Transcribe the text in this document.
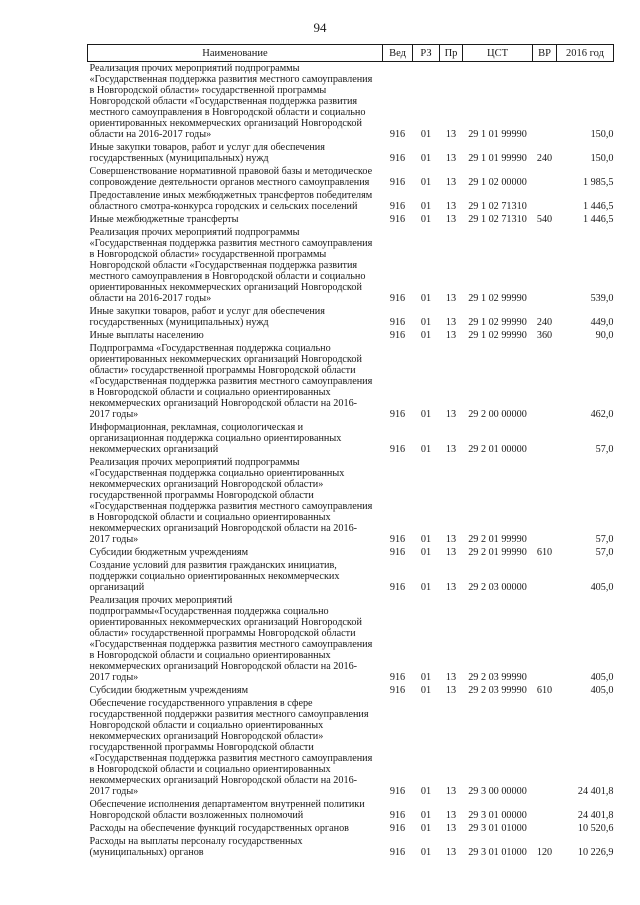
94
Наименование	Вед	РЗ	Пр	ЦСТ	ВР	2016 год
Реализация прочих мероприятий подпрограммы «Государственная поддержка развития местного самоуправления в Новгородской области» государственной программы Новгородской области «Государственная поддержка развития местного самоуправления в Новгородской области и социально ориентированных некоммерческих организаций Новгородской области на 2016-2017 годы»	916	01	13	29 1 01 99990		150,0
Иные закупки товаров, работ и услуг для обеспечения государственных (муниципальных) нужд	916	01	13	29 1 01 99990	240	150,0
Совершенствование нормативной правовой базы и методическое сопровождение деятельности органов местного самоуправления	916	01	13	29 1 02 00000		1 985,5
Предоставление иных межбюджетных трансфертов победителям областного смотра-конкурса городских и сельских поселений	916	01	13	29 1 02 71310		1 446,5
Иные межбюджетные трансферты	916	01	13	29 1 02 71310	540	1 446,5
Реализация прочих мероприятий подпрограммы «Государственная поддержка развития местного самоуправления в Новгородской области» государственной программы Новгородской области «Государственная поддержка развития местного самоуправления в Новгородской области и социально ориентированных некоммерческих организаций Новгородской области на 2016-2017 годы»	916	01	13	29 1 02 99990		539,0
Иные закупки товаров, работ и услуг для обеспечения государственных (муниципальных) нужд	916	01	13	29 1 02 99990	240	449,0
Иные выплаты населению	916	01	13	29 1 02 99990	360	90,0
Подпрограмма «Государственная поддержка социально ориентированных некоммерческих организаций Новгородской области» государственной программы Новгородской области «Государственная поддержка развития местного самоуправления в Новгородской области и социально ориентированных некоммерческих организаций Новгородской области на 2016-2017 годы»	916	01	13	29 2 00 00000		462,0
Информационная, рекламная, социологическая и организационная поддержка социально ориентированных некоммерческих организаций	916	01	13	29 2 01 00000		57,0
Реализация прочих мероприятий подпрограммы «Государственная поддержка социально ориентированных некоммерческих организаций Новгородской области» государственной программы Новгородской области «Государственная поддержка развития местного самоуправления в Новгородской области и социально ориентированных некоммерческих организаций Новгородской области на 2016-2017 годы»	916	01	13	29 2 01 99990		57,0
Субсидии бюджетным учреждениям	916	01	13	29 2 01 99990	610	57,0
Создание условий для развития гражданских инициатив, поддержки социально ориентированных некоммерческих организаций	916	01	13	29 2 03 00000		405,0
Реализация прочих мероприятий подпрограммы«Государственная поддержка социально ориентированных некоммерческих организаций Новгородской области» государственной программы Новгородской области «Государственная поддержка развития местного самоуправления в Новгородской области и социально ориентированных некоммерческих организаций Новгородской области на 2016-2017 годы»	916	01	13	29 2 03 99990		405,0
Субсидии бюджетным учреждениям	916	01	13	29 2 03 99990	610	405,0
Обеспечение государственного управления в сфере государственной поддержки развития местного самоуправления Новгородской области и социально ориентированных некоммерческих организаций Новгородской области» государственной программы Новгородской области «Государственная поддержка развития местного самоуправления в Новгородской области и социально ориентированных некоммерческих организаций Новгородской области на 2016-2017 годы»	916	01	13	29 3 00 00000		24 401,8
Обеспечение исполнения департаментом внутренней политики Новгородской области возложенных полномочий	916	01	13	29 3 01 00000		24 401,8
Расходы на обеспечение функций государственных органов	916	01	13	29 3 01 01000		10 520,6
Расходы на выплаты персоналу государственных (муниципальных) органов	916	01	13	29 3 01 01000	120	10 226,9
